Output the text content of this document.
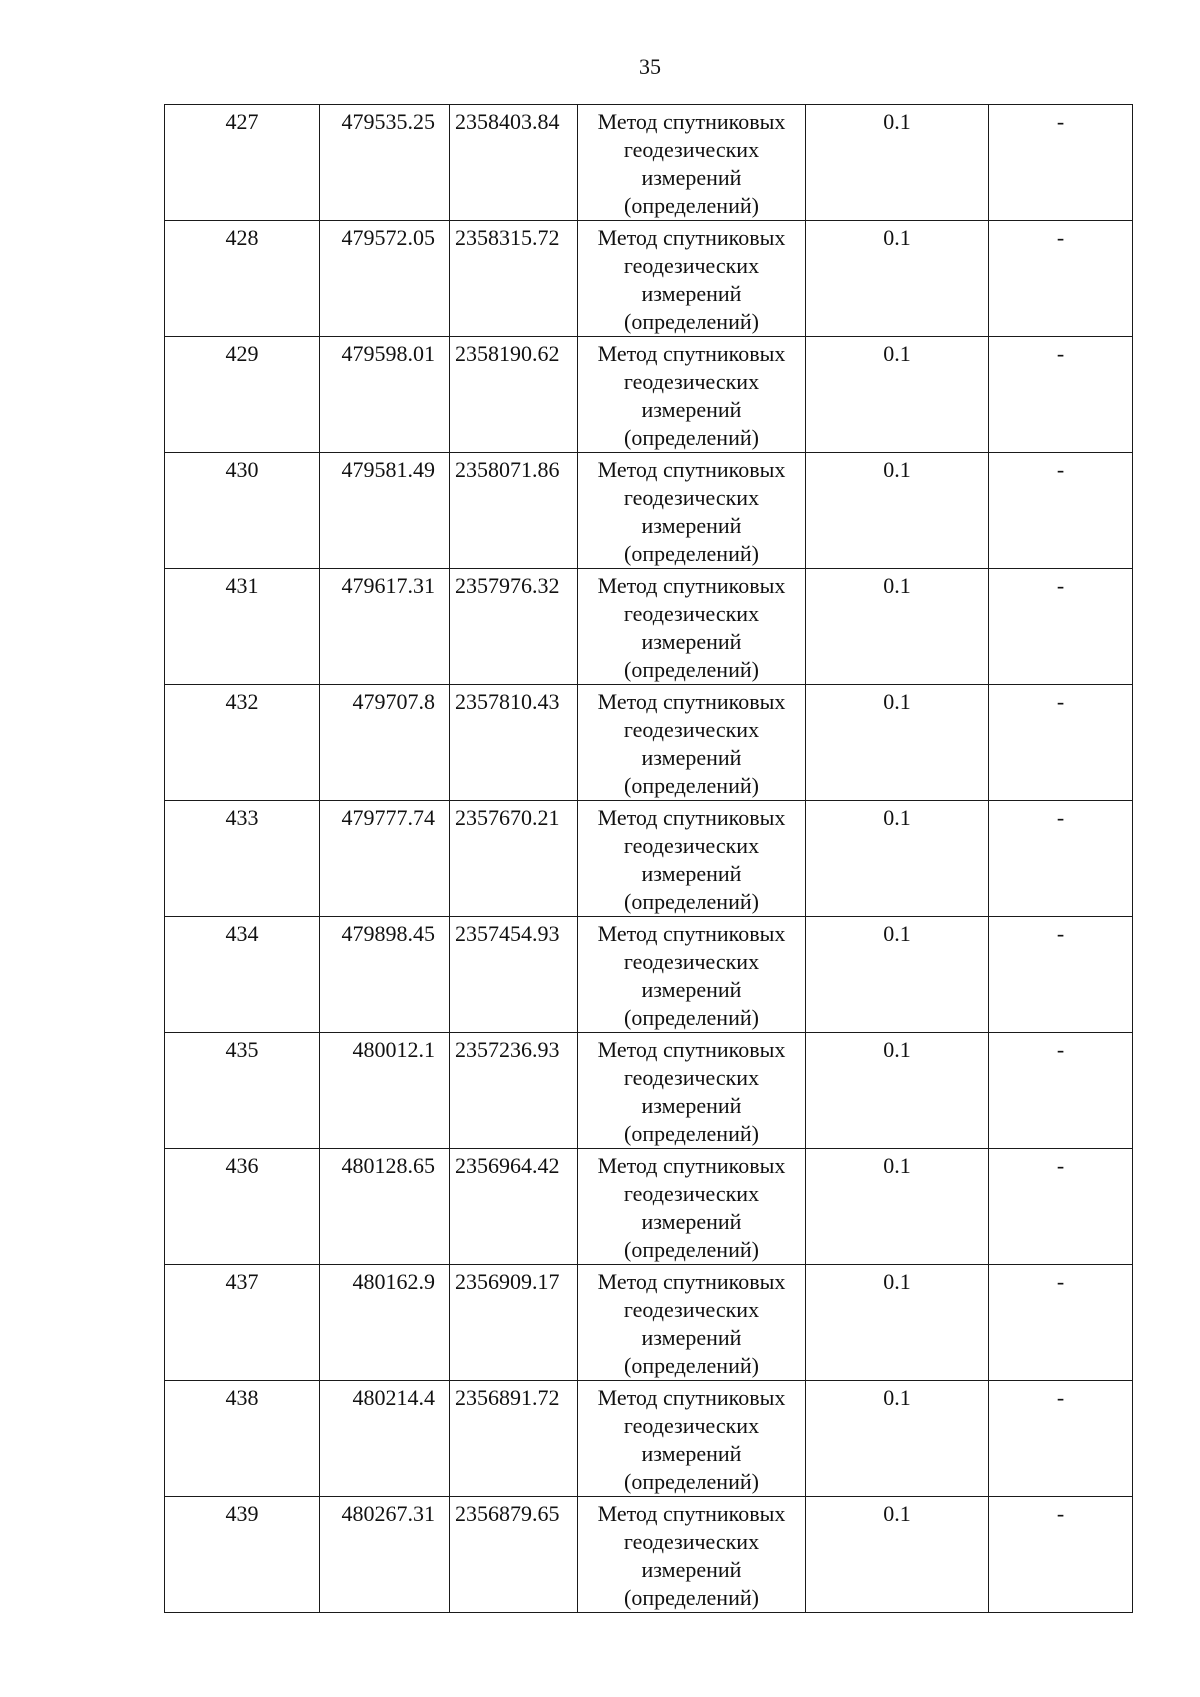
35
427	479535.25	2358403.84	Метод спутниковых
геодезических
измерений
(определений)	0.1	-
428	479572.05	2358315.72	Метод спутниковых
геодезических
измерений
(определений)	0.1	-
429	479598.01	2358190.62	Метод спутниковых
геодезических
измерений
(определений)	0.1	-
430	479581.49	2358071.86	Метод спутниковых
геодезических
измерений
(определений)	0.1	-
431	479617.31	2357976.32	Метод спутниковых
геодезических
измерений
(определений)	0.1	-
432	479707.8	2357810.43	Метод спутниковых
геодезических
измерений
(определений)	0.1	-
433	479777.74	2357670.21	Метод спутниковых
геодезических
измерений
(определений)	0.1	-
434	479898.45	2357454.93	Метод спутниковых
геодезических
измерений
(определений)	0.1	-
435	480012.1	2357236.93	Метод спутниковых
геодезических
измерений
(определений)	0.1	-
436	480128.65	2356964.42	Метод спутниковых
геодезических
измерений
(определений)	0.1	-
437	480162.9	2356909.17	Метод спутниковых
геодезических
измерений
(определений)	0.1	-
438	480214.4	2356891.72	Метод спутниковых
геодезических
измерений
(определений)	0.1	-
439	480267.31	2356879.65	Метод спутниковых
геодезических
измерений
(определений)	0.1	-
